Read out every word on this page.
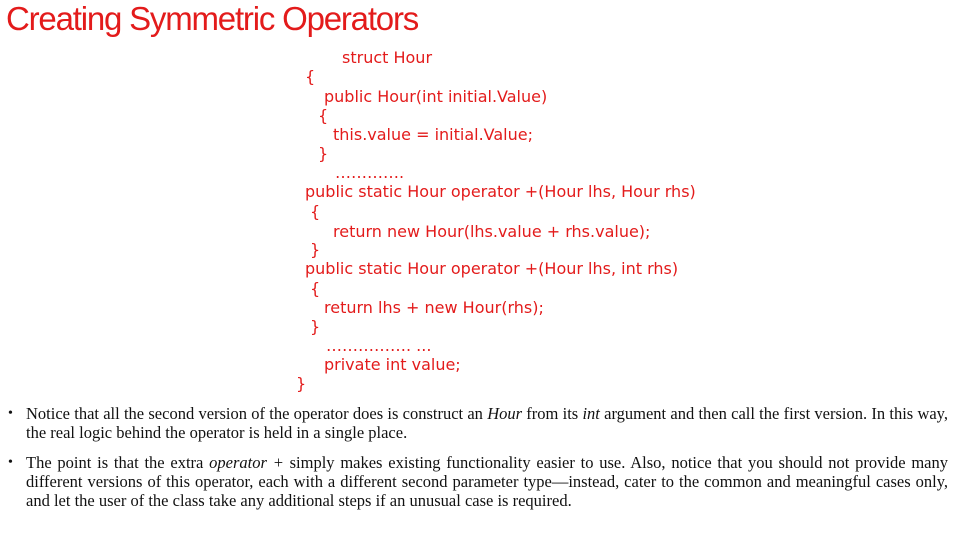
Creating Symmetric Operators
struct Hour
{
public Hour(int initial.Value)
{
this.value = initial.Value;
}
………….
public static Hour operator +(Hour lhs, Hour rhs)
{
return new Hour(lhs.value + rhs.value);
}
public static Hour operator +(Hour lhs, int rhs)
{
return lhs + new Hour(rhs);
}
……………. ...
private int value;
}
• Notice that all the second version of the operator does is construct an Hour from its int argument and then call the first version. In this way, the real logic behind the operator is held in a single place.
• The point is that the extra operator + simply makes existing functionality easier to use. Also, notice that you should not provide many different versions of this operator, each with a different second parameter type—instead, cater to the common and meaningful cases only, and let the user of the class take any additional steps if an unusual case is required.
